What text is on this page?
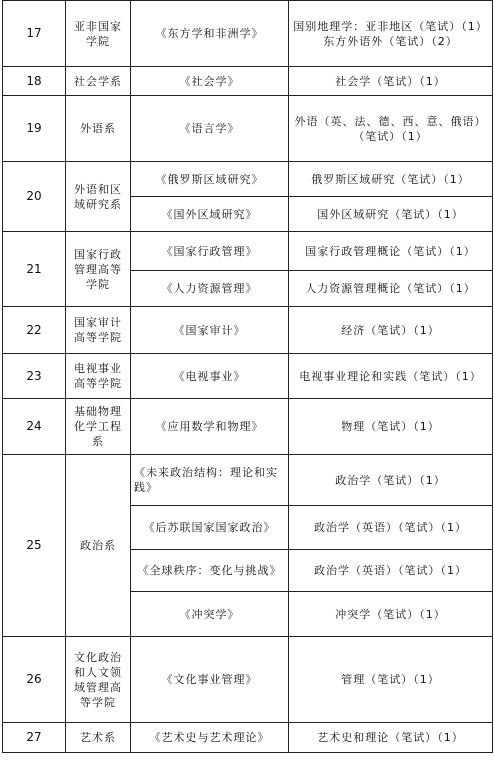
17	亚非国家学院	《东方学和非洲学》	国别地理学：亚非地区（笔试）（1）
东方外语外（笔试）（2）
18	社会学系	《社会学》	社会学（笔试）（1）
19	外语系	《语言学》	外语（英、法、德、西、意、俄语）（笔试）（1）
20	外语和区域研究系	《俄罗斯区域研究》	俄罗斯区域研究（笔试）（1）
		《国外区域研究》	国外区域研究（笔试）（1）
21	国家行政管理高等学院	《国家行政管理》	国家行政管理概论（笔试）（1）
		《人力资源管理》	人力资源管理概论（笔试）（1）
22	国家审计高等学院	《国家审计》	经济（笔试）（1）
23	电视事业高等学院	《电视事业》	电视事业理论和实践（笔试）（1）
24	基础物理化学工程系	《应用数学和物理》	物理（笔试）（1）
25	政治系	《未来政治结构：理论和实践》	政治学（笔试）（1）
		《后苏联国家国家政治》	政治学（英语）（笔试）（1）
		《全球秩序：变化与挑战》	政治学（英语）（笔试）（1）
		《冲突学》	冲突学（笔试）（1）
26	文化政治和人文领域管理高等学院	《文化事业管理》	管理（笔试）（1）
27	艺术系	《艺术史与艺术理论》	艺术史和理论（笔试）（1）
